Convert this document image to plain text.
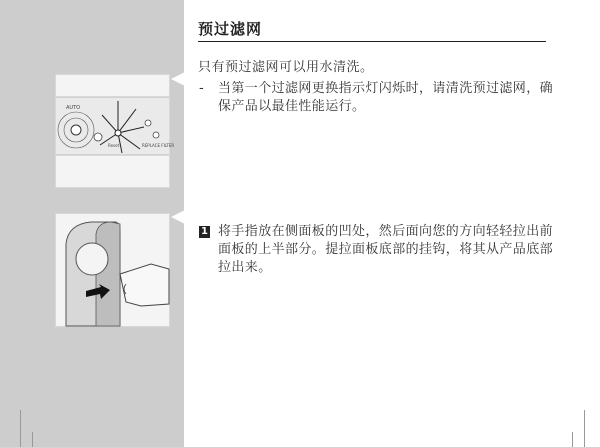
AUTO
Reset	REPLACE FILTER
预过滤网
只有预过滤网可以用水清洗。
- 当第一个过滤网更换指示灯闪烁时，请清洗预过滤网，确保产品以最佳性能运行。
1 将手指放在侧面板的凹处，然后面向您的方向轻轻拉出前面板的上半部分。提拉面板底部的挂钩，将其从产品底部拉出来。
